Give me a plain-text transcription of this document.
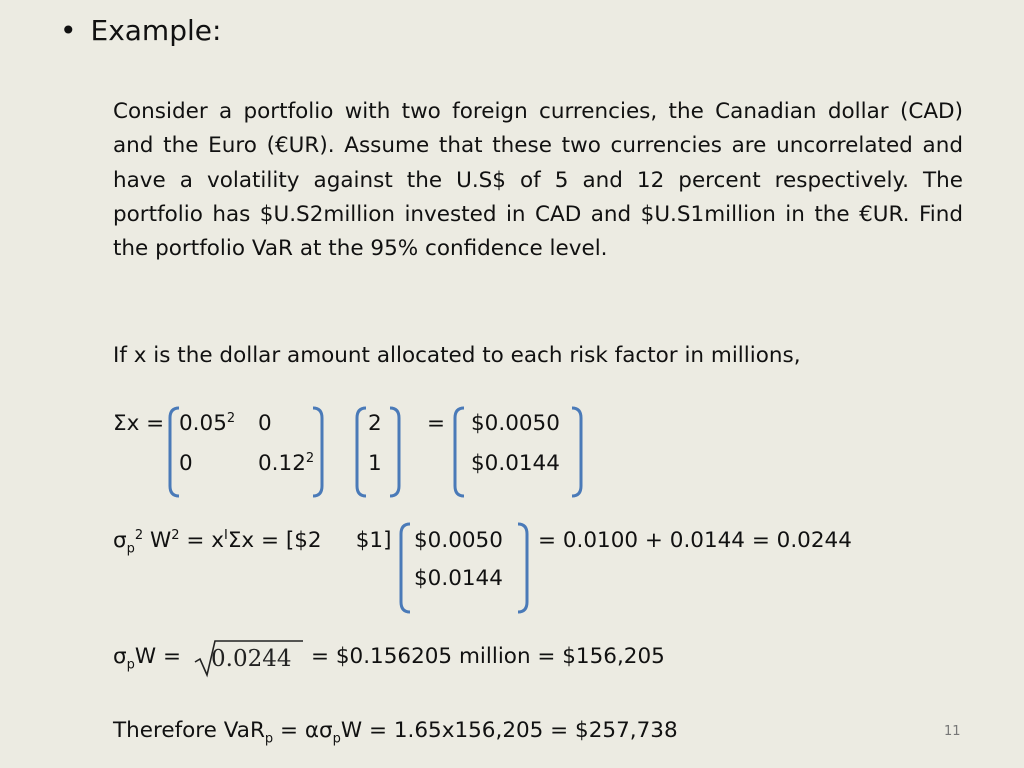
• Example:
Consider a portfolio with two foreign currencies, the Canadian dollar (CAD) and the Euro (€UR). Assume that these two currencies are uncorrelated and have a volatility against the U.S$ of 5 and 12 percent respectively. The portfolio has $U.S2million invested in CAD and $U.S1million in the €UR. Find the portfolio VaR at the 95% confidence level.
If x is the dollar amount allocated to each risk factor in millions,
$\Sigma x = 0.05^2$ 0
0	0.12$^2$
2
1
= $0.0050
$0.0144
$\sigma_p^2$ $W^2 = x^I\Sigma x$ = [$2     $1] $0.0050
$0.0144
= 0.0100 + 0.0144 = 0.0244
$\sigma_pW = 0.0244$ = $0.156205 million = $156,205
Therefore $VaR_p = \alpha\sigma_pW = 1.65x156,205$ = $257,738	11
